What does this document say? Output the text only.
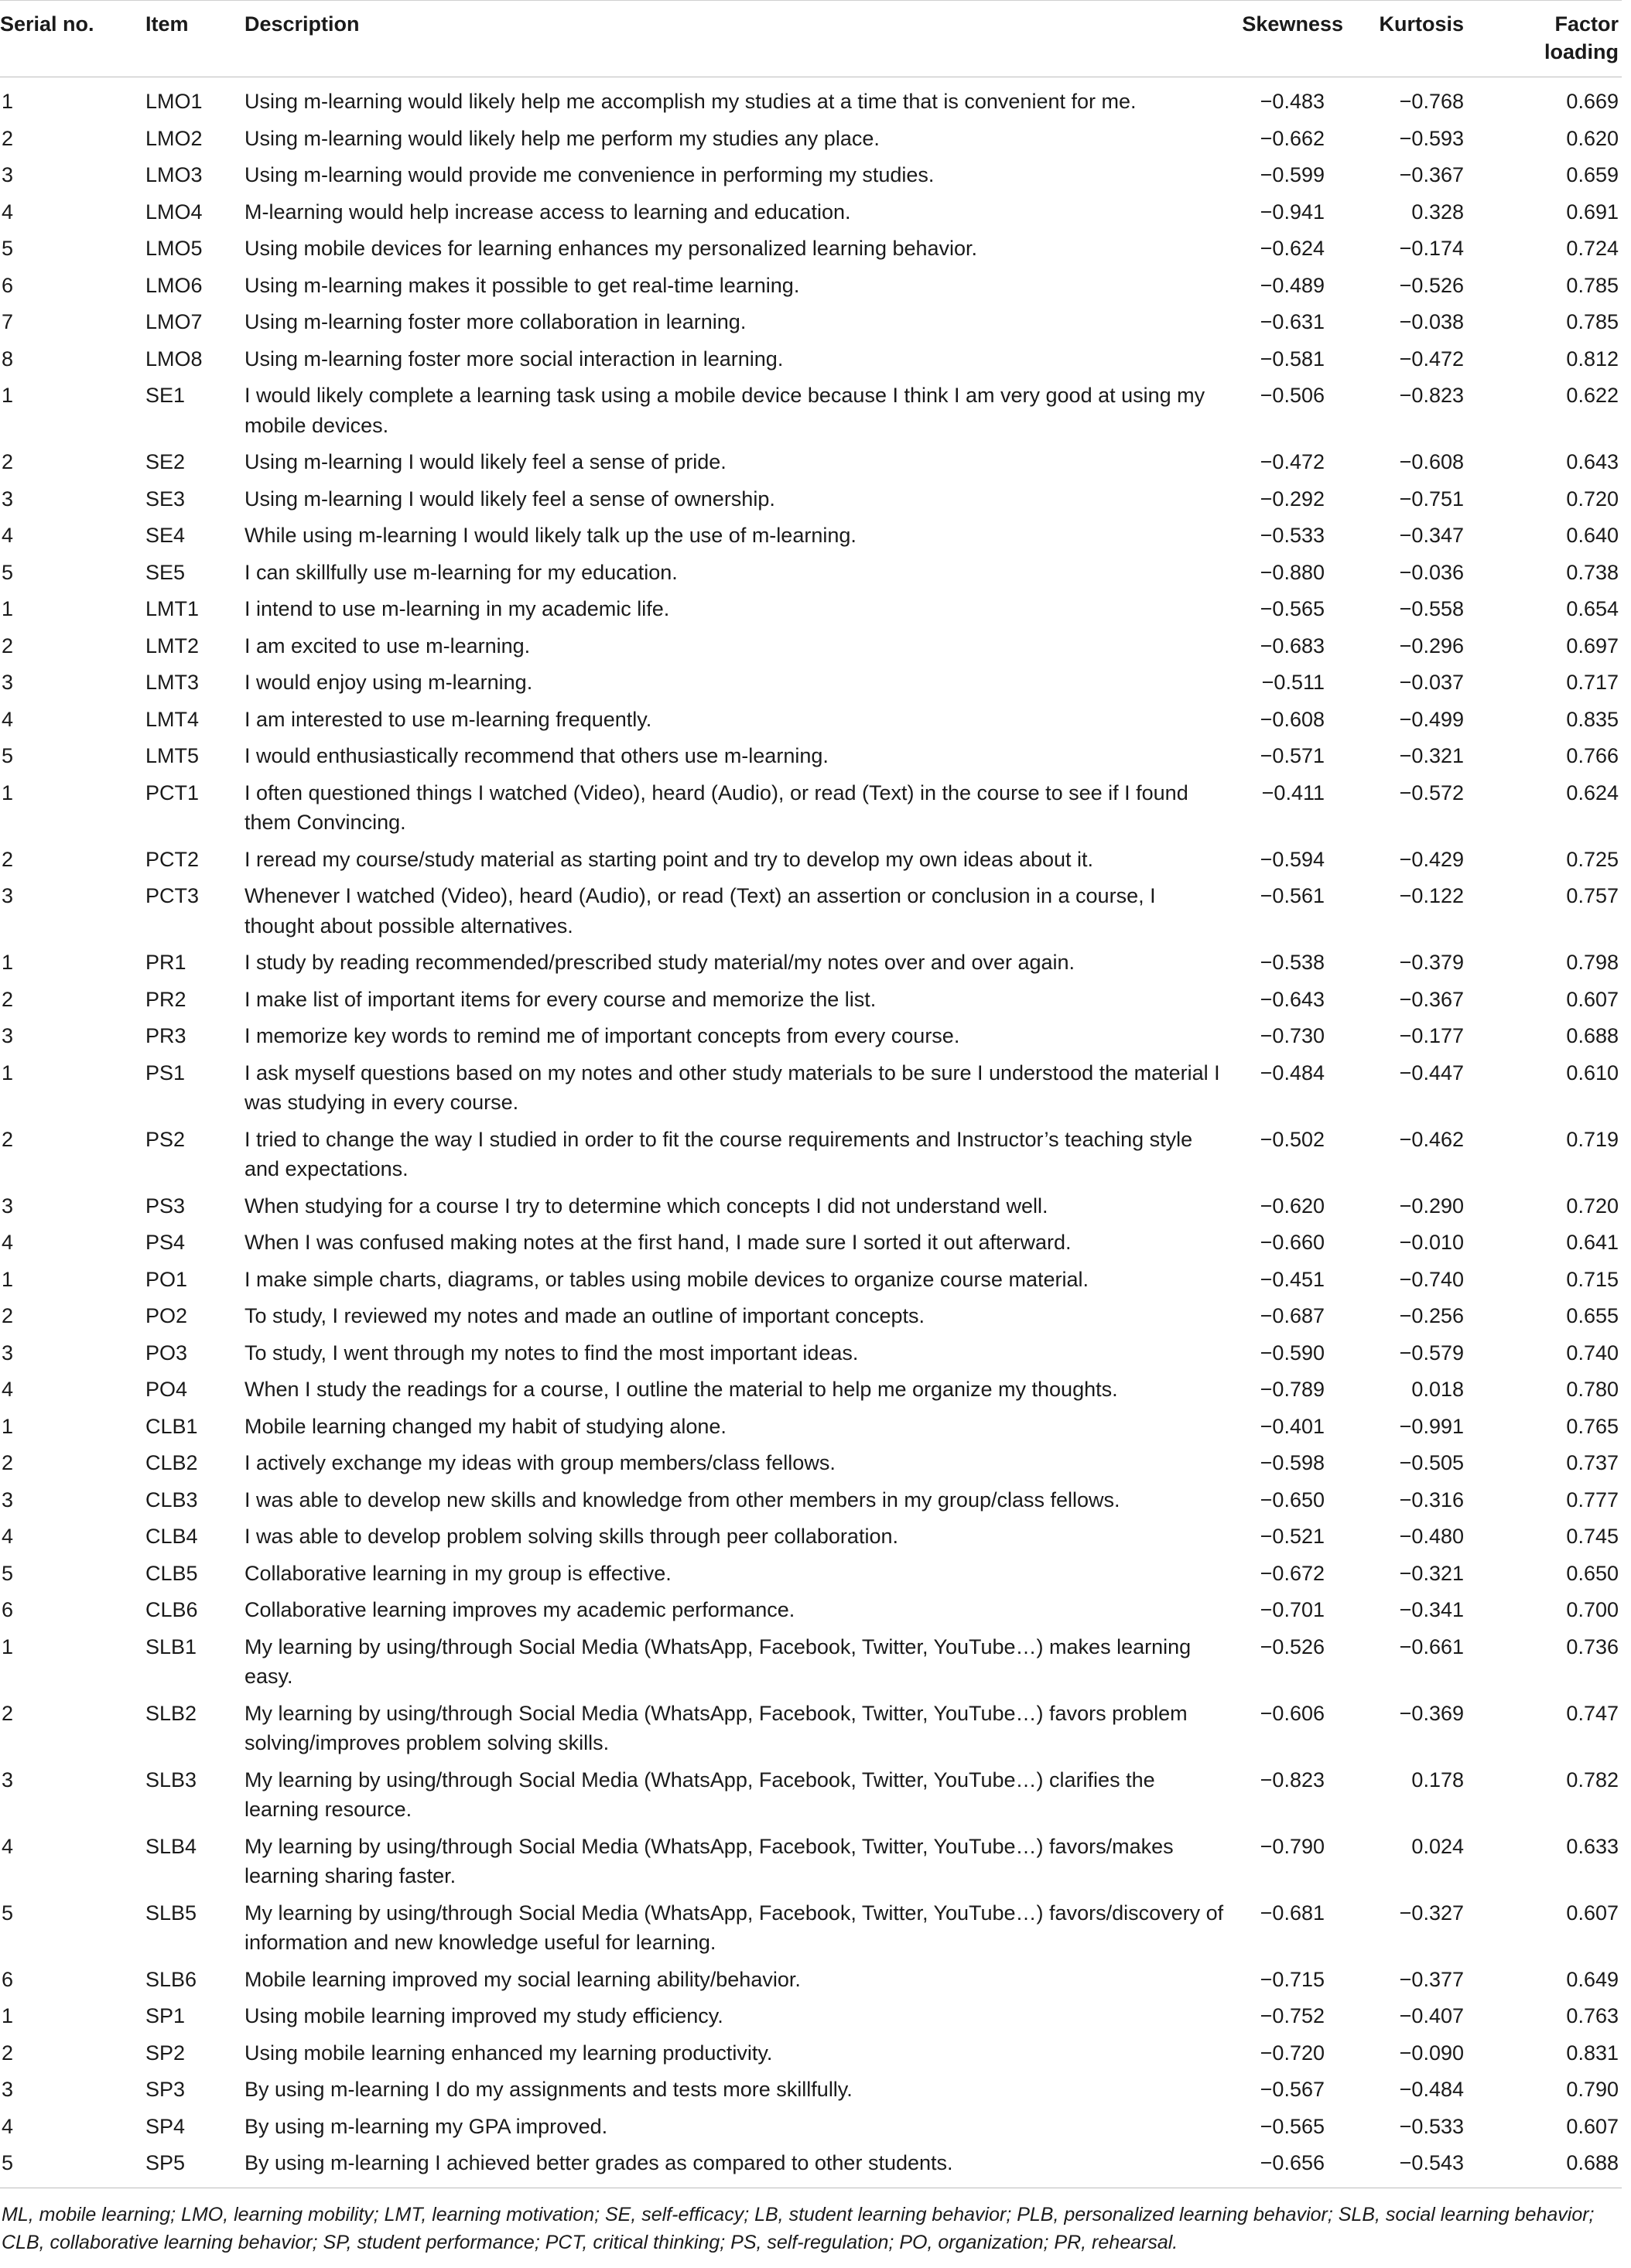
Serial no.	Item	Description	Skewness	Kurtosis	Factor loading
1	LMO1	Using m-learning would likely help me accomplish my studies at a time that is convenient for me.	−0.483	−0.768	0.669
2	LMO2	Using m-learning would likely help me perform my studies any place.	−0.662	−0.593	0.620
3	LMO3	Using m-learning would provide me convenience in performing my studies.	−0.599	−0.367	0.659
4	LMO4	M-learning would help increase access to learning and education.	−0.941	0.328	0.691
5	LMO5	Using mobile devices for learning enhances my personalized learning behavior.	−0.624	−0.174	0.724
6	LMO6	Using m-learning makes it possible to get real-time learning.	−0.489	−0.526	0.785
7	LMO7	Using m-learning foster more collaboration in learning.	−0.631	−0.038	0.785
8	LMO8	Using m-learning foster more social interaction in learning.	−0.581	−0.472	0.812
1	SE1	I would likely complete a learning task using a mobile device because I think I am very good at using my mobile devices.	−0.506	−0.823	0.622
2	SE2	Using m-learning I would likely feel a sense of pride.	−0.472	−0.608	0.643
3	SE3	Using m-learning I would likely feel a sense of ownership.	−0.292	−0.751	0.720
4	SE4	While using m-learning I would likely talk up the use of m-learning.	−0.533	−0.347	0.640
5	SE5	I can skillfully use m-learning for my education.	−0.880	−0.036	0.738
1	LMT1	I intend to use m-learning in my academic life.	−0.565	−0.558	0.654
2	LMT2	I am excited to use m-learning.	−0.683	−0.296	0.697
3	LMT3	I would enjoy using m-learning.	−0.511	−0.037	0.717
4	LMT4	I am interested to use m-learning frequently.	−0.608	−0.499	0.835
5	LMT5	I would enthusiastically recommend that others use m-learning.	−0.571	−0.321	0.766
1	PCT1	I often questioned things I watched (Video), heard (Audio), or read (Text) in the course to see if I found them Convincing.	−0.411	−0.572	0.624
2	PCT2	I reread my course/study material as starting point and try to develop my own ideas about it.	−0.594	−0.429	0.725
3	PCT3	Whenever I watched (Video), heard (Audio), or read (Text) an assertion or conclusion in a course, I thought about possible alternatives.	−0.561	−0.122	0.757
1	PR1	I study by reading recommended/prescribed study material/my notes over and over again.	−0.538	−0.379	0.798
2	PR2	I make list of important items for every course and memorize the list.	−0.643	−0.367	0.607
3	PR3	I memorize key words to remind me of important concepts from every course.	−0.730	−0.177	0.688
1	PS1	I ask myself questions based on my notes and other study materials to be sure I understood the material I was studying in every course.	−0.484	−0.447	0.610
2	PS2	I tried to change the way I studied in order to fit the course requirements and Instructor’s teaching style and expectations.	−0.502	−0.462	0.719
3	PS3	When studying for a course I try to determine which concepts I did not understand well.	−0.620	−0.290	0.720
4	PS4	When I was confused making notes at the first hand, I made sure I sorted it out afterward.	−0.660	−0.010	0.641
1	PO1	I make simple charts, diagrams, or tables using mobile devices to organize course material.	−0.451	−0.740	0.715
2	PO2	To study, I reviewed my notes and made an outline of important concepts.	−0.687	−0.256	0.655
3	PO3	To study, I went through my notes to find the most important ideas.	−0.590	−0.579	0.740
4	PO4	When I study the readings for a course, I outline the material to help me organize my thoughts.	−0.789	0.018	0.780
1	CLB1	Mobile learning changed my habit of studying alone.	−0.401	−0.991	0.765
2	CLB2	I actively exchange my ideas with group members/class fellows.	−0.598	−0.505	0.737
3	CLB3	I was able to develop new skills and knowledge from other members in my group/class fellows.	−0.650	−0.316	0.777
4	CLB4	I was able to develop problem solving skills through peer collaboration.	−0.521	−0.480	0.745
5	CLB5	Collaborative learning in my group is effective.	−0.672	−0.321	0.650
6	CLB6	Collaborative learning improves my academic performance.	−0.701	−0.341	0.700
1	SLB1	My learning by using/through Social Media (WhatsApp, Facebook, Twitter, YouTube…) makes learning easy.	−0.526	−0.661	0.736
2	SLB2	My learning by using/through Social Media (WhatsApp, Facebook, Twitter, YouTube…) favors problem solving/improves problem solving skills.	−0.606	−0.369	0.747
3	SLB3	My learning by using/through Social Media (WhatsApp, Facebook, Twitter, YouTube…) clarifies the learning resource.	−0.823	0.178	0.782
4	SLB4	My learning by using/through Social Media (WhatsApp, Facebook, Twitter, YouTube…) favors/makes learning sharing faster.	−0.790	0.024	0.633
5	SLB5	My learning by using/through Social Media (WhatsApp, Facebook, Twitter, YouTube…) favors/discovery of information and new knowledge useful for learning.	−0.681	−0.327	0.607
6	SLB6	Mobile learning improved my social learning ability/behavior.	−0.715	−0.377	0.649
1	SP1	Using mobile learning improved my study efficiency.	−0.752	−0.407	0.763
2	SP2	Using mobile learning enhanced my learning productivity.	−0.720	−0.090	0.831
3	SP3	By using m-learning I do my assignments and tests more skillfully.	−0.567	−0.484	0.790
4	SP4	By using m-learning my GPA improved.	−0.565	−0.533	0.607
5	SP5	By using m-learning I achieved better grades as compared to other students.	−0.656	−0.543	0.688
ML, mobile learning; LMO, learning mobility; LMT, learning motivation; SE, self-efficacy; LB, student learning behavior; PLB, personalized learning behavior; SLB, social learning behavior; CLB, collaborative learning behavior; SP, student performance; PCT, critical thinking; PS, self-regulation; PO, organization; PR, rehearsal.
